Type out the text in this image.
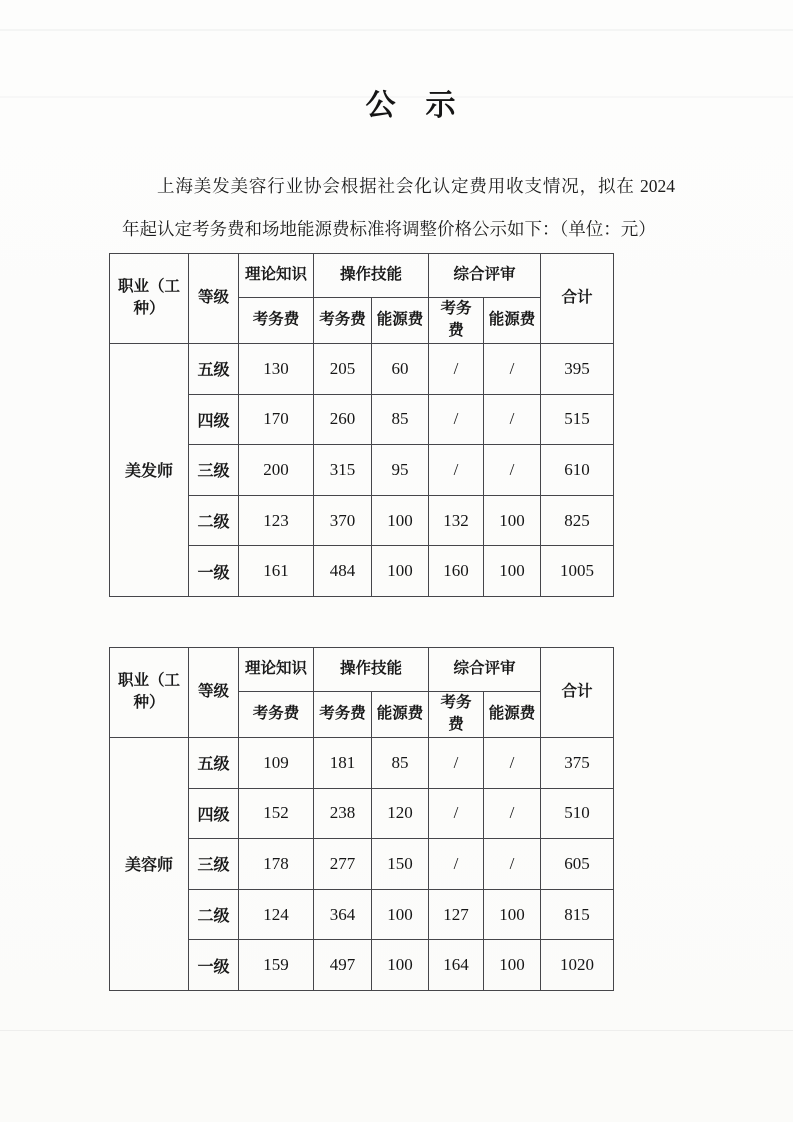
公　示
上海美发美容行业协会根据社会化认定费用收支情况，拟在 2024
年起认定考务费和场地能源费标准将调整价格公示如下：（单位：元）
职业（工种）	等级	理论知识	操作技能		综合评审		合计
		考务费	考务费	能源费	考务费	能源费	
美发师	五级	130	205	60	/	/	395
	四级	170	260	85	/	/	515
	三级	200	315	95	/	/	610
	二级	123	370	100	132	100	825
	一级	161	484	100	160	100	1005
职业（工种）	等级	理论知识	操作技能		综合评审		合计
		考务费	考务费	能源费	考务费	能源费	
美容师	五级	109	181	85	/	/	375
	四级	152	238	120	/	/	510
	三级	178	277	150	/	/	605
	二级	124	364	100	127	100	815
	一级	159	497	100	164	100	1020
